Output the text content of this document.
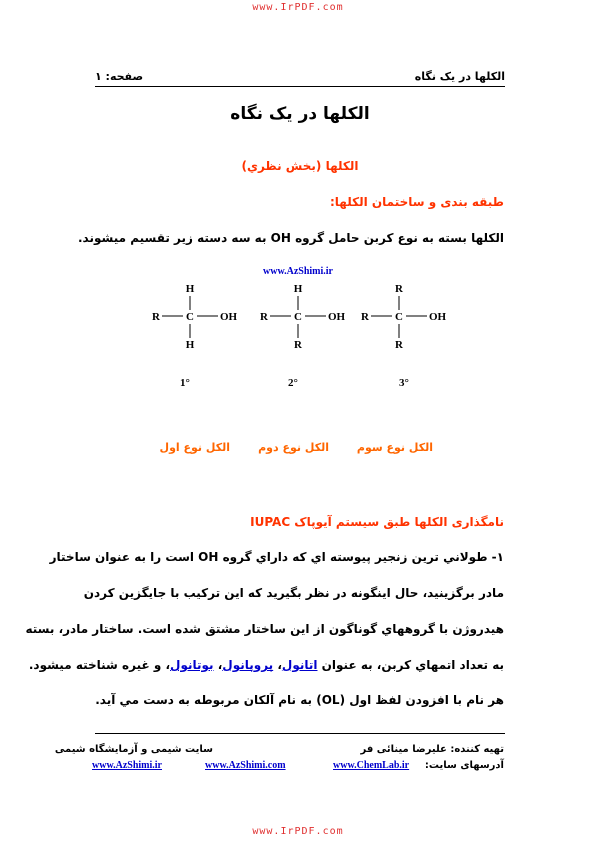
www.IrPDF.com
الکلها در یک نگاه
صفحه: ۱
الکلها در یک نگاه
الکلها (بخش نظري)
طبقه بندی و ساختمان الکلها:
الکلها بسته به نوع کربن حامل گروه OH به سه دسته زیر تقسیم میشوند.
www.AzShimi.ir
C
H
H
R	OH
1°
C
H
R
R	OH
2°
C
R
R
R	OH
3°
الکل نوع اول	الکل نوع دوم	الکل نوع سوم
نامگذاری الکلها طبق سیستم آیوپاک IUPAC
۱- طولاني ترين زنجير پيوسته اي كه داراي گروه OH است را به عنوان ساختار
مادر برگزينيد، حال اينگونه در نظر بگيريد كه اين تركيب با جايگزين كردن
هيدروژن با گروههاي گوناگون از اين ساختار مشتق شده است. ساختار مادر، بسته
به تعداد اتمهاي كربن، به عنوان اتانول، پروپانول، بوتانول، و غيره شناخته ميشود.
هر نام با افزودن لفظ اول (OL) به نام آلکان مربوطه به دست مي آيد.
تهیه کننده: علیرضا مینائی فر
سایت شیمی و آزمایشگاه شیمی
آدرسهای سایت:
www.ChemLab.ir
www.AzShimi.com
www.AzShimi.ir
www.IrPDF.com
